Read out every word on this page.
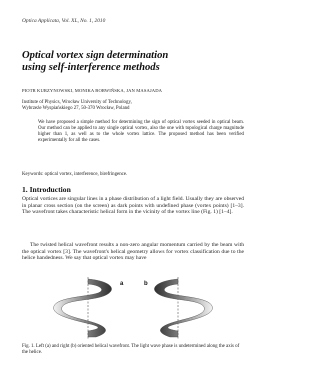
Optica Applicata, Vol. XL, No. 1, 2010
Optical vortex sign determination
using self-interference methods
PIOTR KURZYNOWSKI, MONIKA BORWIŃSKA, JAN MASAJADA
Institute of Physics, Wrocław University of Technology,
Wybrzeże Wyspiańskiego 27, 50-370 Wrocław, Poland
We have proposed a simple method for determining the sign of optical vortex seeded in optical beam. Our method can be applied to any single optical vortex, also the one with topological charge magnitude higher than 1, as well as to the whole vortex lattice. The proposed method has been verified experimentally for all the cases.
Keywords: optical vortex, interference, birefringence.
1. Introduction
Optical vortices are singular lines in a phase distribution of a light field. Usually they are observed in planar cross section (on the screen) as dark points with undefined phase (vortex points) [1–3]. The wavefront takes characteristic helical form in the vicinity of the vortex line (Fig. 1) [1–4].
The twisted helical wavefront results a non-zero angular momentum carried by the beam with the optical vortex [3]. The wavefront's helical geometry allows for vortex classification due to the helice handedness. We say that optical vortex may have
a	b
Fig. 1. Left (a) and right (b) oriented helical wavefront. The light wave phase is undetermined along the axis of the helice.
